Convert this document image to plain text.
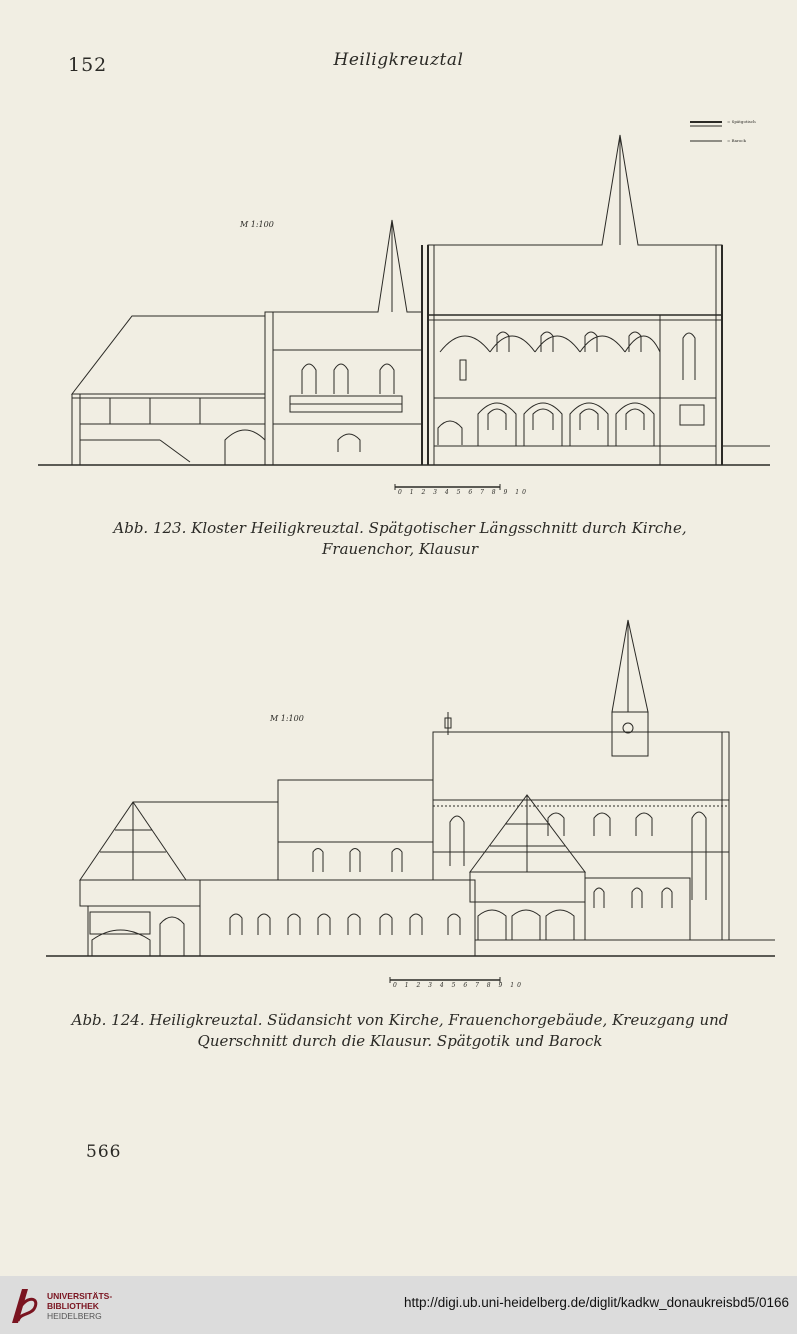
152	Heiligkreuztal
M 1:100
= Spätgotisch
= Barock
0 1 2 3 4 5 6 7 8 9 10
Abb. 123. Kloster Heiligkreuztal. Spätgotischer Längsschnitt durch Kirche,
Frauenchor, Klausur
M 1:100
0 1 2 3 4 5 6 7 8 9 10
Abb. 124. Heiligkreuztal. Südansicht von Kirche, Frauenchorgebäude, Kreuzgang und
Querschnitt durch die Klausur. Spätgotik und Barock
566
UNIVERSITÄTS-
BIBLIOTHEK
HEIDELBERG
http://digi.ub.uni-heidelberg.de/diglit/kadkw_donaukreisbd5/0166
